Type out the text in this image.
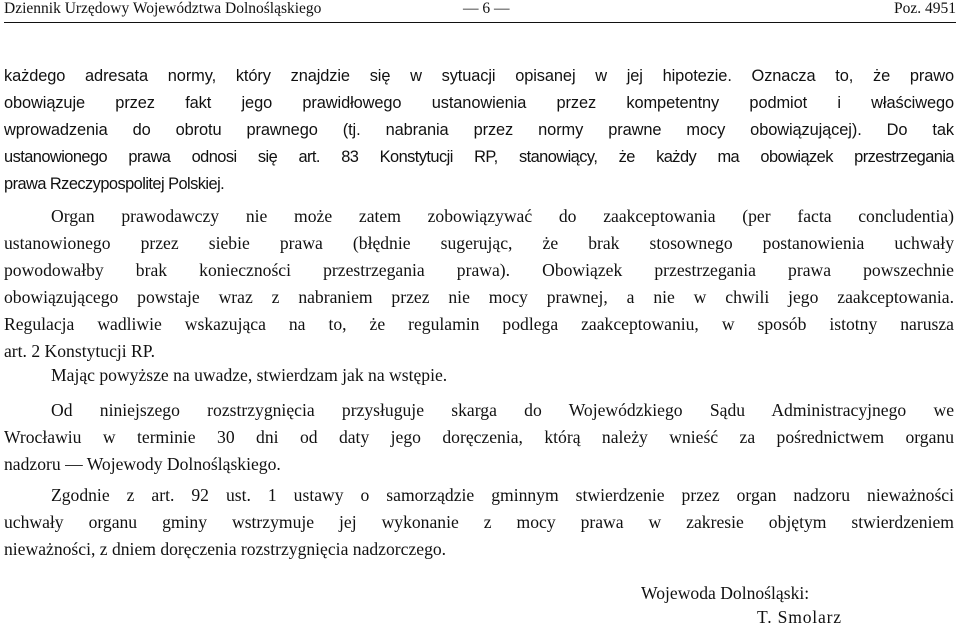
Dziennik Urzędowy Województwa Dolnośląskiego	— 6 —	Poz. 4951
każdego adresata normy, który znajdzie się w sytuacji opisanej w jej hipotezie. Oznacza to, że prawo
obowiązuje przez fakt jego prawidłowego ustanowienia przez kompetentny podmiot i właściwego
wprowadzenia do obrotu prawnego (tj. nabrania przez normy prawne mocy obowiązującej). Do tak
ustanowionego prawa odnosi się art. 83 Konstytucji RP, stanowiący, że każdy ma obowiązek przestrzegania
prawa Rzeczypospolitej Polskiej.
Organ prawodawczy nie może zatem zobowiązywać do zaakceptowania (per facta concludentia)
ustanowionego przez siebie prawa (błędnie sugerując, że brak stosownego postanowienia uchwały
powodowałby brak konieczności przestrzegania prawa). Obowiązek przestrzegania prawa powszechnie
obowiązującego powstaje wraz z nabraniem przez nie mocy prawnej, a nie w chwili jego zaakceptowania.
Regulacja wadliwie wskazująca na to, że regulamin podlega zaakceptowaniu, w sposób istotny narusza
art. 2 Konstytucji RP.
Mając powyższe na uwadze, stwierdzam jak na wstępie.
Od niniejszego rozstrzygnięcia przysługuje skarga do Wojewódzkiego Sądu Administracyjnego we
Wrocławiu w terminie 30 dni od daty jego doręczenia, którą należy wnieść za pośrednictwem organu
nadzoru — Wojewody Dolnośląskiego.
Zgodnie z art. 92 ust. 1 ustawy o samorządzie gminnym stwierdzenie przez organ nadzoru nieważności
uchwały organu gminy wstrzymuje jej wykonanie z mocy prawa w zakresie objętym stwierdzeniem
nieważności, z dniem doręczenia rozstrzygnięcia nadzorczego.
Wojewoda Dolnośląski:
T. Smolarz
